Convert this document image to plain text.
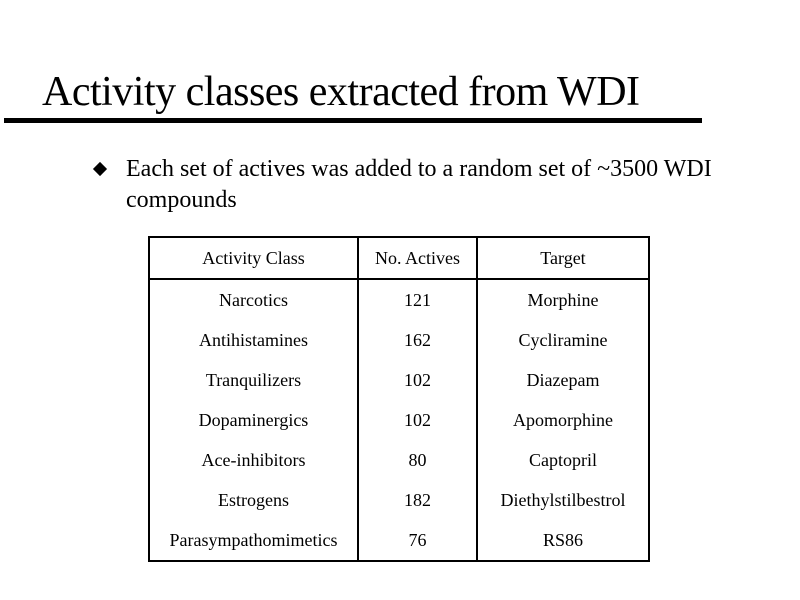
Activity classes extracted from WDI
Each set of actives was added to a random set of ~3500 WDI compounds
Activity Class	No. Actives	Target
Narcotics	121	Morphine
Antihistamines	162	Cycliramine
Tranquilizers	102	Diazepam
Dopaminergics	102	Apomorphine
Ace-inhibitors	80	Captopril
Estrogens	182	Diethylstilbestrol
Parasympathomimetics	76	RS86
